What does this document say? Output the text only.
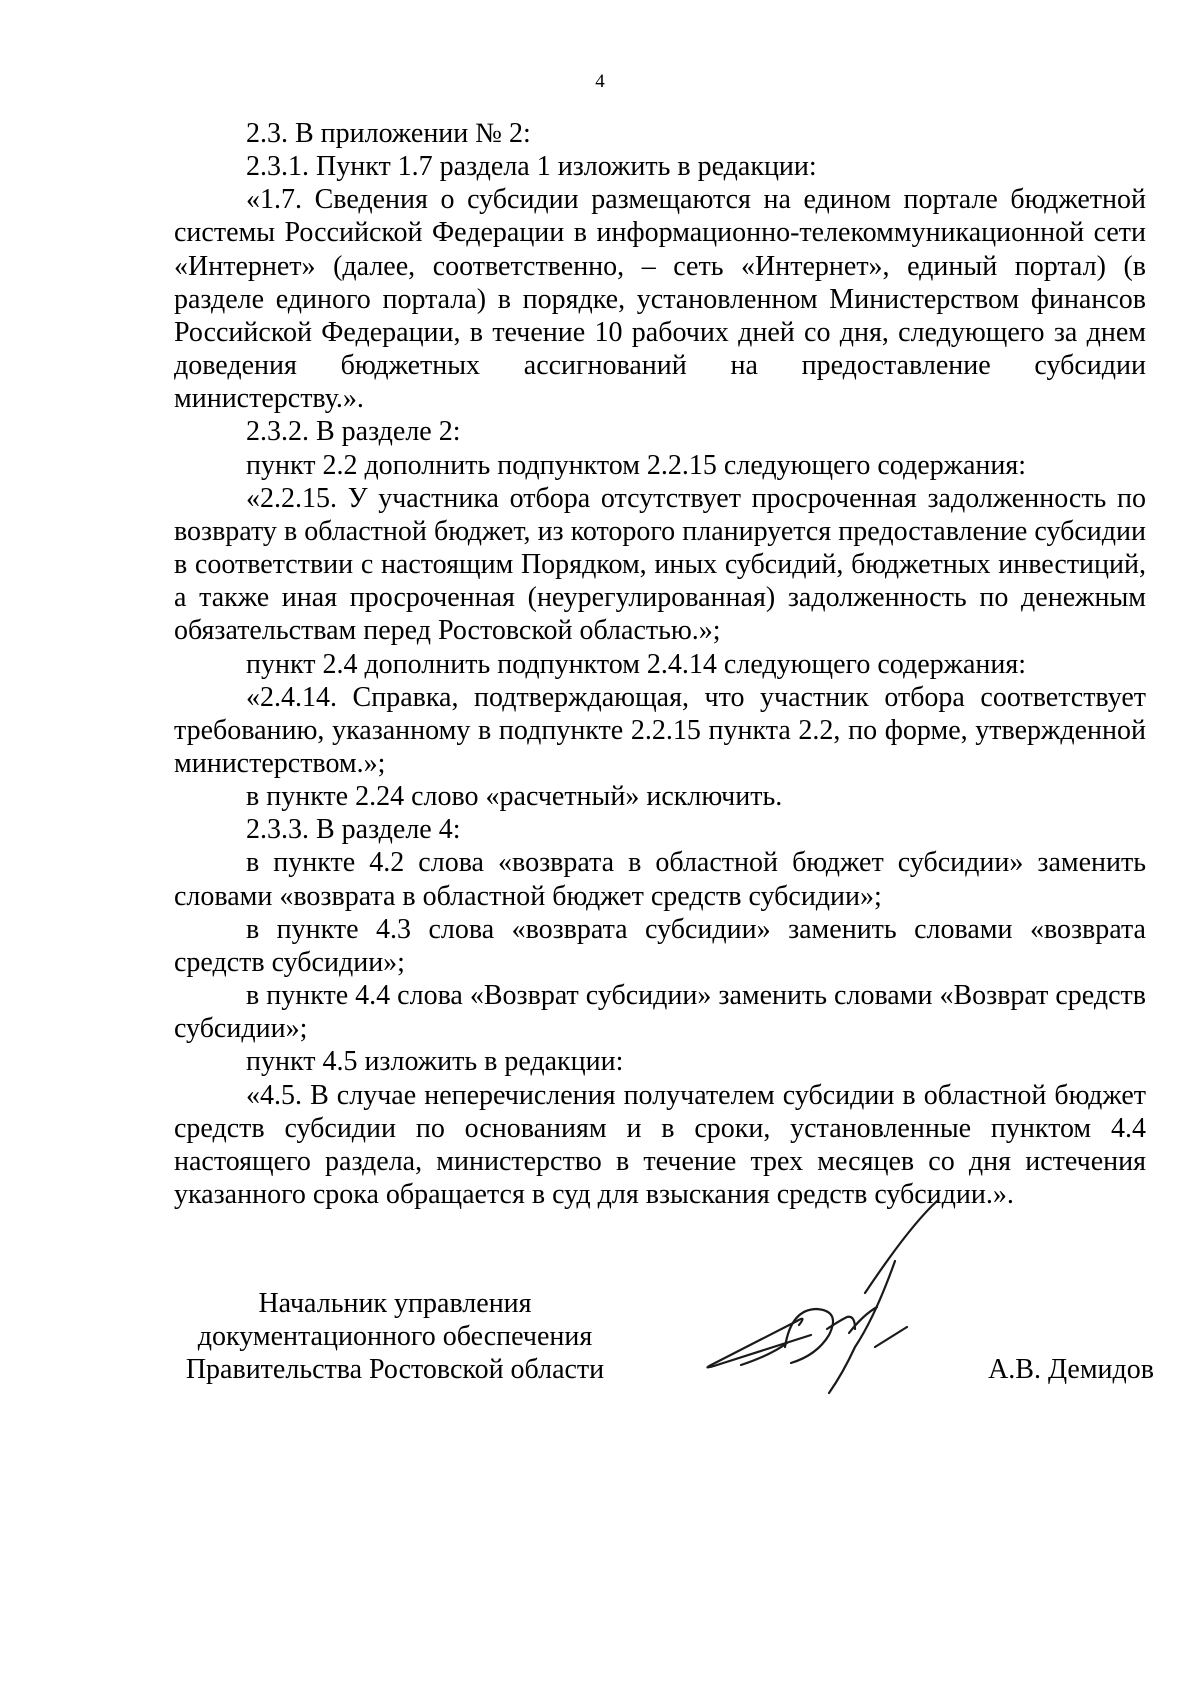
4

2.3. В приложении № 2:

2.3.1. Пункт 1.7 раздела 1 изложить в редакции:

«1.7. Сведения о субсидии размещаются на едином портале бюджетной системы Российской Федерации в информационно-телекоммуникационной сети «Интернет» (далее, соответственно, – сеть «Интернет», единый портал) (в разделе единого портала) в порядке, установленном Министерством финансов Российской Федерации, в течение 10 рабочих дней со дня, следующего за днем доведения бюджетных ассигнований на предоставление субсидии министерству.».

2.3.2. В разделе 2:

пункт 2.2 дополнить подпунктом 2.2.15 следующего содержания:

«2.2.15. У участника отбора отсутствует просроченная задолженность по возврату в областной бюджет, из которого планируется предоставление субсидии в соответствии с настоящим Порядком, иных субсидий, бюджетных инвестиций, а также иная просроченная (неурегулированная) задолженность по денежным обязательствам перед Ростовской областью.»;

пункт 2.4 дополнить подпунктом 2.4.14 следующего содержания:

«2.4.14. Справка, подтверждающая, что участник отбора соответствует требованию, указанному в подпункте 2.2.15 пункта 2.2, по форме, утвержденной министерством.»;

в пункте 2.24 слово «расчетный» исключить.

2.3.3. В разделе 4:

в пункте 4.2 слова «возврата в областной бюджет субсидии» заменить словами «возврата в областной бюджет средств субсидии»;

в пункте 4.3 слова «возврата субсидии» заменить словами «возврата средств субсидии»;

в пункте 4.4 слова «Возврат субсидии» заменить словами «Возврат средств субсидии»;

пункт 4.5 изложить в редакции:

«4.5. В случае неперечисления получателем субсидии в областной бюджет средств субсидии по основаниям и в сроки, установленные пунктом 4.4 настоящего раздела, министерство в течение трех месяцев со дня истечения указанного срока обращается в суд для взыскания средств субсидии.».

Начальник управления
документационного обеспечения
Правительства Ростовской области	А.В. Демидов
